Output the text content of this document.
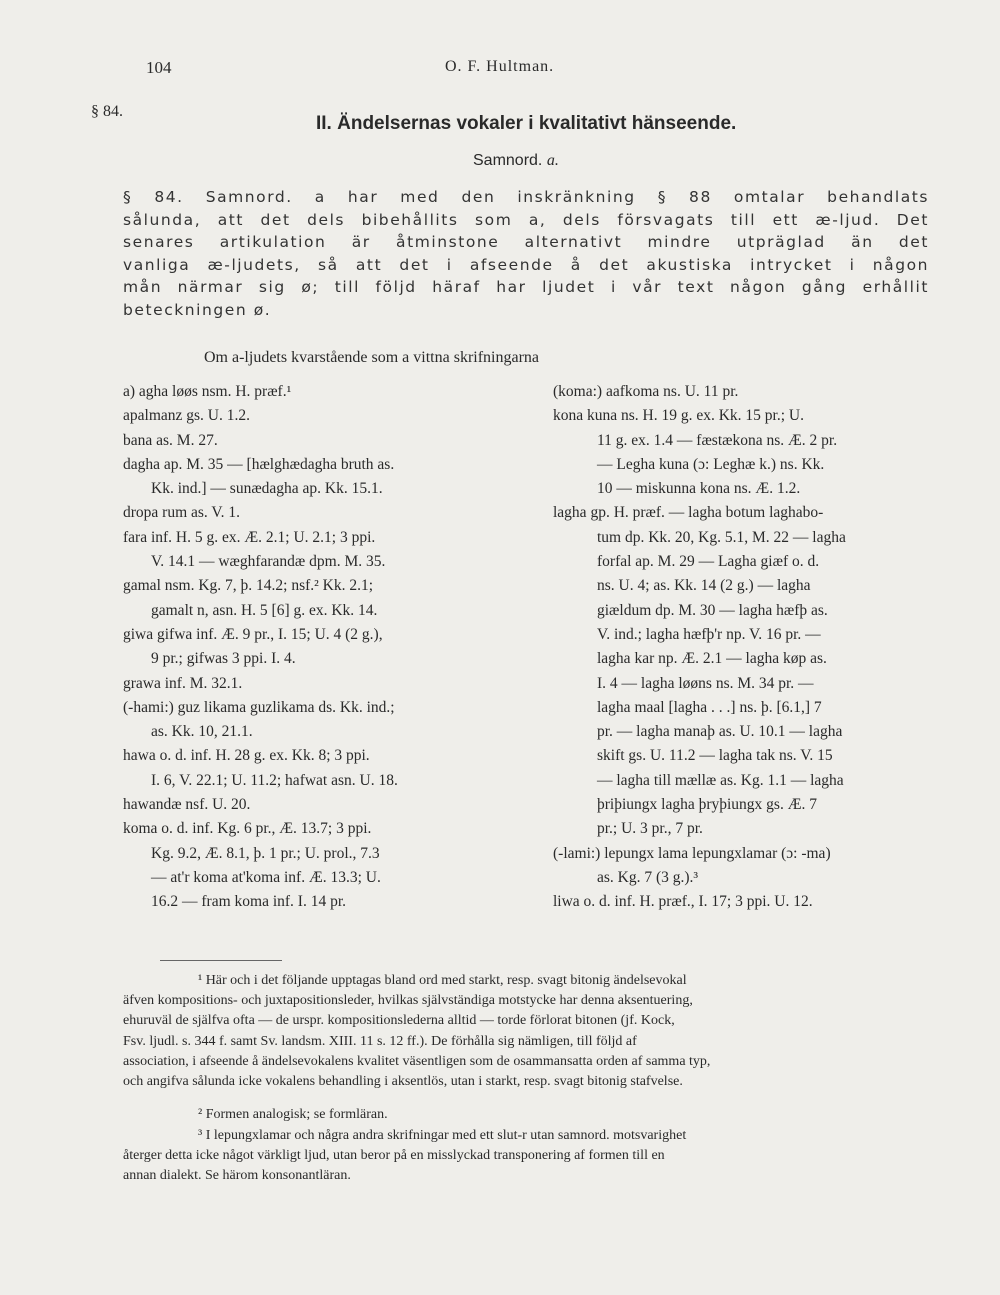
104	O. F. Hultman.
§ 84.
II. Ändelsernas vokaler i kvalitativt hänseende.
Samnord. a.
§ 84. Samnord. a har med den inskränkning § 88 omtalar behandlats
sålunda, att det dels bibehållits som a, dels försvagats till ett æ-ljud. Det
senares artikulation är åtminstone alternativt mindre utpräglad än det
vanliga æ-ljudets, så att det i afseende å det akustiska intrycket i någon
mån närmar sig ø; till följd häraf har ljudet i vår text någon gång erhållit
beteckningen ø.
Om a-ljudets kvarstående som a vittna skrifningarna
a) agha løøs nsm. H. præf.¹
apalmanz gs. U. 1.2.
bana as. M. 27.
dagha ap. M. 35 — [hælghædagha bruth as.
Kk. ind.] — sunædagha ap. Kk. 15.1.
dropa rum as. V. 1.
fara inf. H. 5 g. ex. Æ. 2.1; U. 2.1; 3 ppi.
V. 14.1 — wæghfarandæ dpm. M. 35.
gamal nsm. Kg. 7, þ. 14.2; nsf.² Kk. 2.1;
gamalt n, asn. H. 5 [6] g. ex. Kk. 14.
giwa gifwa inf. Æ. 9 pr., I. 15; U. 4 (2 g.),
9 pr.; gifwas 3 ppi. I. 4.
grawa inf. M. 32.1.
(-hami:) guz likama guzlikama ds. Kk. ind.;
as. Kk. 10, 21.1.
hawa o. d. inf. H. 28 g. ex. Kk. 8; 3 ppi.
I. 6, V. 22.1; U. 11.2; hafwat asn. U. 18.
hawandæ nsf. U. 20.
koma o. d. inf. Kg. 6 pr., Æ. 13.7; 3 ppi.
Kg. 9.2, Æ. 8.1, þ. 1 pr.; U. prol., 7.3
— at'r koma at'koma inf. Æ. 13.3; U.
16.2 — fram koma inf. I. 14 pr.
(koma:) aafkoma ns. U. 11 pr.
kona kuna ns. H. 19 g. ex. Kk. 15 pr.; U.
11 g. ex. 1.4 — fæstækona ns. Æ. 2 pr.
— Legha kuna (ɔ: Leghæ k.) ns. Kk.
10 — miskunna kona ns. Æ. 1.2.
lagha gp. H. præf. — lagha botum laghabo-
tum dp. Kk. 20, Kg. 5.1, M. 22 — lagha
forfal ap. M. 29 — Lagha giæf o. d.
ns. U. 4; as. Kk. 14 (2 g.) — lagha
giældum dp. M. 30 — lagha hæfþ as.
V. ind.; lagha hæfþ'r np. V. 16 pr. —
lagha kar np. Æ. 2.1 — lagha køp as.
I. 4 — lagha løøns ns. M. 34 pr. —
lagha maal [lagha . . .] ns. þ. [6.1,] 7
pr. — lagha manaþ as. U. 10.1 — lagha
skift gs. U. 11.2 — lagha tak ns. V. 15
— lagha till mællæ as. Kg. 1.1 — lagha
þriþiungx lagha þryþiungx gs. Æ. 7
pr.; U. 3 pr., 7 pr.
(-lami:) lepungx lama lepungxlamar (ɔ: -ma)
as. Kg. 7 (3 g.).³
liwa o. d. inf. H. præf., I. 17; 3 ppi. U. 12.
¹ Här och i det följande upptagas bland ord med starkt, resp. svagt bitonig ändelsevokal
äfven kompositions- och juxtapositionsleder, hvilkas självständiga motstycke har denna aksentuering,
ehuruväl de själfva ofta — de urspr. kompositionslederna alltid — torde förlorat bitonen (jf. Kock,
Fsv. ljudl. s. 344 f. samt Sv. landsm. XIII. 11 s. 12 ff.). De förhålla sig nämligen, till följd af
association, i afseende å ändelsevokalens kvalitet väsentligen som de osammansatta orden af samma typ,
och angifva sålunda icke vokalens behandling i aksentlös, utan i starkt, resp. svagt bitonig stafvelse.
² Formen analogisk; se formläran.
³ I lepungxlamar och några andra skrifningar med ett slut-r utan samnord. motsvarighet
återger detta icke något värkligt ljud, utan beror på en misslyckad transponering af formen till en
annan dialekt. Se härom konsonantläran.
